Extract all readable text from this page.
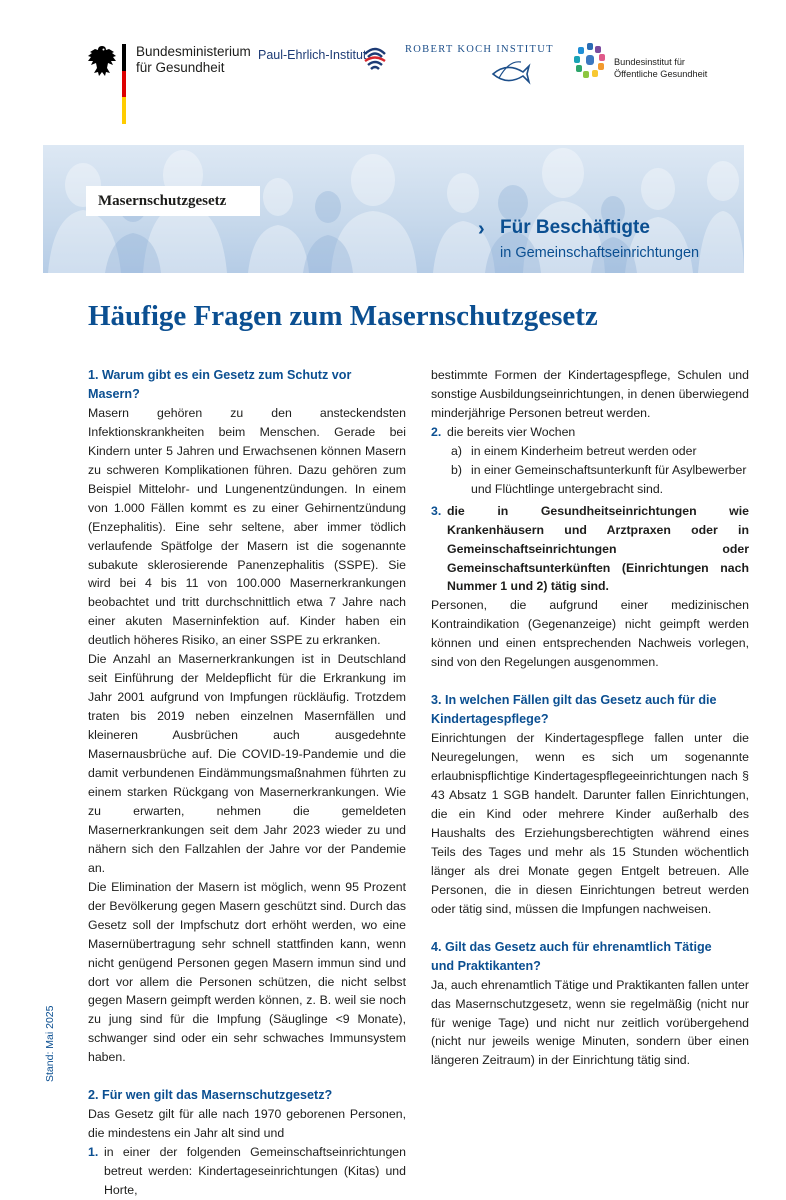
Bundesministerium
für Gesundheit
Paul-Ehrlich-Institut	ROBERT KOCH INSTITUT
Bundesinstitut für
Öffentliche Gesundheit
Masernschutzgesetz
› Für Beschäftigte
in Gemeinschaftseinrichtungen
Häufige Fragen zum Masernschutzgesetz
1. Warum gibt es ein Gesetz zum Schutz vor Masern?

Masern gehören zu den ansteckendsten Infektionskrankheiten beim Menschen. Gerade bei Kindern unter 5 Jahren und Erwachsenen können Masern zu schweren Komplikationen führen. Dazu gehören zum Beispiel Mittelohr- und Lungenentzündungen. In einem von 1.000 Fällen kommt es zu einer Gehirnentzündung (Enzephalitis). Eine sehr seltene, aber immer tödlich verlaufende Spätfolge der Masern ist die sogenannte subakute sklerosierende Panenzephalitis (SSPE). Sie wird bei 4 bis 11 von 100.000 Masernerkrankungen beobachtet und tritt durchschnittlich etwa 7 Jahre nach einer akuten Maserninfektion auf. Kinder haben ein deutlich höheres Risiko, an einer SSPE zu erkranken.

Die Anzahl an Masernerkrankungen ist in Deutschland seit Einführung der Meldepflicht für die Erkrankung im Jahr 2001 aufgrund von Impfungen rückläufig. Trotzdem traten bis 2019 neben einzelnen Masernfällen und kleineren Ausbrüchen auch ausgedehnte Masernausbrüche auf. Die COVID-19-Pandemie und die damit verbundenen Eindämmungsmaßnahmen führten zu einem starken Rückgang von Masernerkrankungen. Wie zu erwarten, nehmen die gemeldeten Masernerkrankungen seit dem Jahr 2023 wieder zu und nähern sich den Fallzahlen der Jahre vor der Pandemie an.

Die Elimination der Masern ist möglich, wenn 95 Prozent der Bevölkerung gegen Masern geschützt sind. Durch das Gesetz soll der Impfschutz dort erhöht werden, wo eine Masernübertragung sehr schnell stattfinden kann, wenn nicht genügend Personen gegen Masern immun sind und dort vor allem die Personen schützen, die nicht selbst gegen Masern geimpft werden können, z. B. weil sie noch zu jung sind für die Impfung (Säuglinge <9 Monate), schwanger sind oder ein sehr schwaches Immunsystem haben.

2. Für wen gilt das Masernschutzgesetz?

Das Gesetz gilt für alle nach 1970 geborenen Personen, die mindestens ein Jahr alt sind und

1. in einer der folgenden Gemeinschaftseinrichtungen betreut werden: Kindertageseinrichtungen (Kitas) und Horte,

bestimmte Formen der Kindertagespflege, Schulen und sonstige Ausbildungseinrichtungen, in denen überwiegend minderjährige Personen betreut werden.

2. die bereits vier Wochen
a) in einem Kinderheim betreut werden oder
b) in einer Gemeinschaftsunterkunft für Asylbewerber und Flüchtlinge untergebracht sind.
3. die in Gesundheitseinrichtungen wie Krankenhäusern und Arztpraxen oder in Gemeinschaftseinrichtungen oder Gemeinschaftsunterkünften (Einrichtungen nach Nummer 1 und 2) tätig sind.

Personen, die aufgrund einer medizinischen Kontraindikation (Gegenanzeige) nicht geimpft werden können und einen entsprechenden Nachweis vorlegen, sind von den Regelungen ausgenommen.

3. In welchen Fällen gilt das Gesetz auch für die
Kindertagespflege?

Einrichtungen der Kindertagespflege fallen unter die Neuregelungen, wenn es sich um sogenannte erlaubnispflichtige Kindertagespflegeeinrichtungen nach § 43 Absatz 1 SGB handelt. Darunter fallen Einrichtungen, die ein Kind oder mehrere Kinder außerhalb des Haushalts des Erziehungsberechtigten während eines Teils des Tages und mehr als 15 Stunden wöchentlich länger als drei Monate gegen Entgelt betreuen. Alle Personen, die in diesen Einrichtungen betreut werden oder tätig sind, müssen die Impfungen nachweisen.

4. Gilt das Gesetz auch für ehrenamtlich Tätige
und Praktikanten?

Ja, auch ehrenamtlich Tätige und Praktikanten fallen unter das Masernschutzgesetz, wenn sie regelmäßig (nicht nur für wenige Tage) und nicht nur zeitlich vorübergehend (nicht nur jeweils wenige Minuten, sondern über einen längeren Zeitraum) in der Einrichtung tätig sind.

Stand: Mai 2025
